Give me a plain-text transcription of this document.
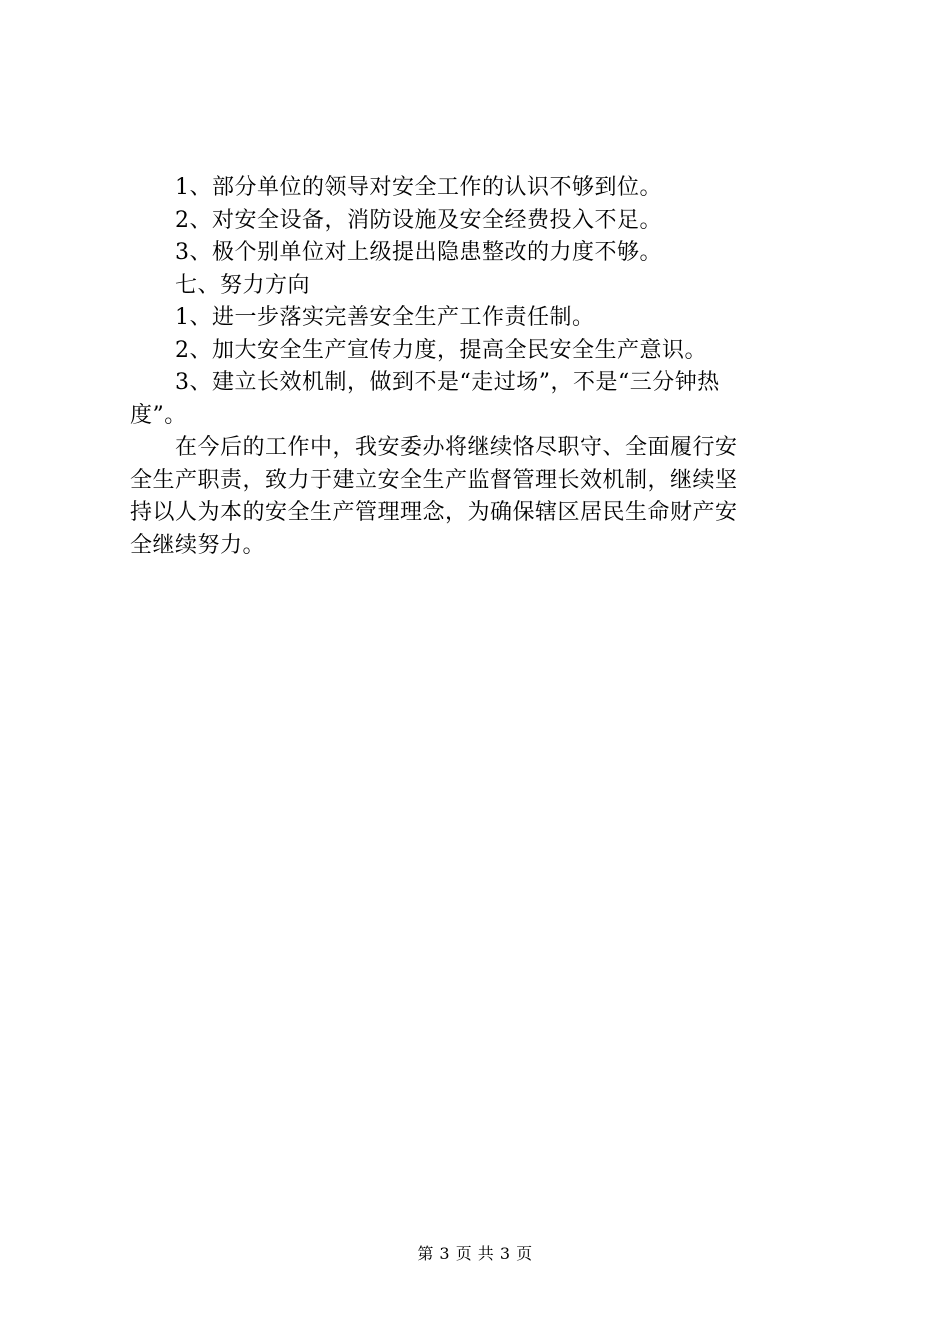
1、部分单位的领导对安全工作的认识不够到位。
2、对安全设备，消防设施及安全经费投入不足。
3、极个别单位对上级提出隐患整改的力度不够。
七、努力方向
1、进一步落实完善安全生产工作责任制。
2、加大安全生产宣传力度，提高全民安全生产意识。
3、建立长效机制，做到不是“走过场”，不是“三分钟热
度”。
在今后的工作中，我安委办将继续恪尽职守、全面履行安
全生产职责，致力于建立安全生产监督管理长效机制，继续坚
持以人为本的安全生产管理理念，为确保辖区居民生命财产安
全继续努力。
第 3 页 共 3 页
